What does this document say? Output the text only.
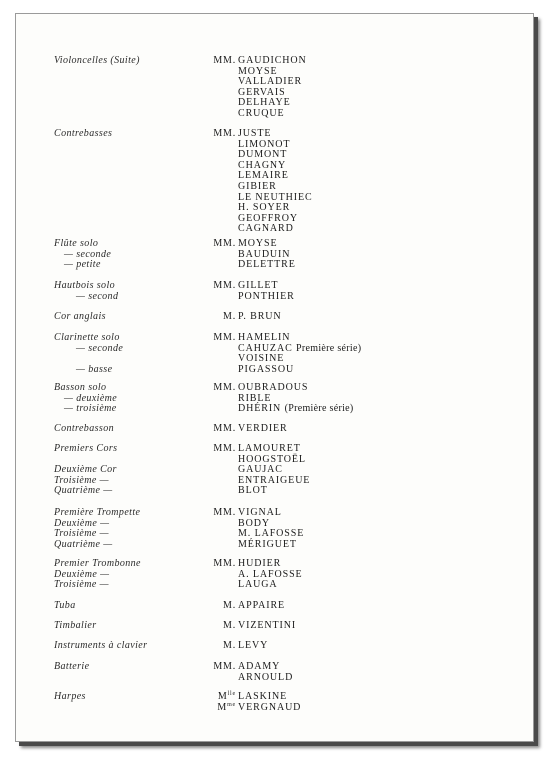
Violoncelles (Suite)	MM. GAUDICHON
MOYSE
VALLADIER
GERVAIS
DELHAYE
CRUQUE
Contrebasses	MM. JUSTE
LIMONOT
DUMONT
CHAGNY
LEMAIRE
GIBIER
LE NEUTHIEC
H. SOYER
GEOFFROY
CAGNARD
Flûte solo	MM. MOYSE
— seconde	BAUDUIN
— petite	DELETTRE
Hautbois solo	MM. GILLET
— second	PONTHIER
Cor anglais	M. P. BRUN
Clarinette solo	MM. HAMELIN
— seconde	CAHUZAC Première série)
VOISINE
— basse	PIGASSOU
Basson solo	MM. OUBRADOUS
— deuxième	RIBLE
— troisième	DHÉRIN (Première série)
Contrebasson	MM. VERDIER
Premiers Cors	MM. LAMOURET
HOOGSTOËL
Deuxième Cor	GAUJAC
Troisième —	ENTRAIGEUE
Quatrième —	BLOT
Première Trompette	MM. VIGNAL
Deuxième —	BODY
Troisième —	M. LAFOSSE
Quatrième —	MÉRIGUET
Premier Trombonne	MM. HUDIER
Deuxième —	A. LAFOSSE
Troisième —	LAUGA
Tuba	M. APPAIRE
Timbalier	M. VIZENTINI
Instruments à clavier	M. LEVY
Batterie	MM. ADAMY
ARNOULD
Harpes	$M^{lle}$ LASKINE
$M^{me}$ VERGNAUD
